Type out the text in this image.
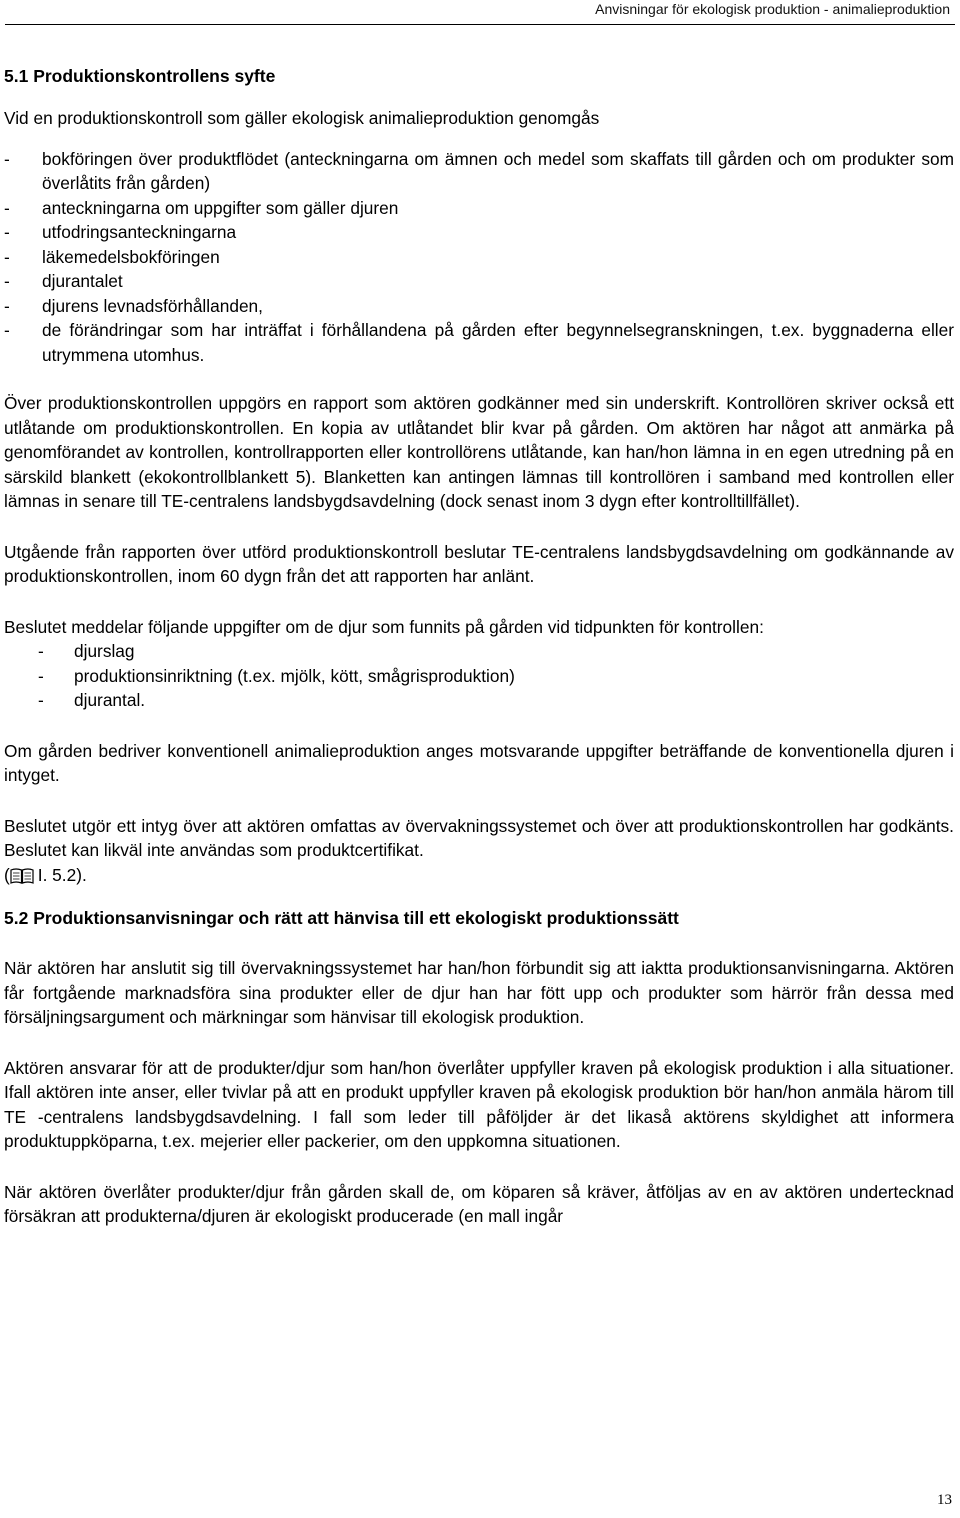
Anvisningar för ekologisk produktion - animalieproduktion
5.1 Produktionskontrollens syfte

Vid en produktionskontroll som gäller ekologisk animalieproduktion genomgås

-	bokföringen över produktflödet (anteckningarna om ämnen och medel som skaffats till gården och om produkter som överlåtits från gården)
-	anteckningarna om uppgifter som gäller djuren
-	utfodringsanteckningarna
-	läkemedelsbokföringen
-	djurantalet
-	djurens levnadsförhållanden,
-	de förändringar som har inträffat i förhållandena på gården efter begynnelsegranskningen, t.ex. byggnaderna eller utrymmena utomhus.

Över produktionskontrollen uppgörs en rapport som aktören godkänner med sin underskrift. Kontrollören skriver också ett utlåtande om produktionskontrollen. En kopia av utlåtandet blir kvar på gården. Om aktören har något att anmärka på genomförandet av kontrollen, kontrollrapporten eller kontrollörens utlåtande, kan han/hon lämna in en egen utredning på en särskild blankett (ekokontrollblankett 5). Blanketten kan antingen lämnas till kontrollören i samband med kontrollen eller lämnas in senare till TE-centralens landsbygdsavdelning (dock senast inom 3 dygn efter kontrolltillfället).

Utgående från rapporten över utförd produktionskontroll beslutar TE-centralens landsbygdsavdelning om godkännande av produktionskontrollen, inom 60 dygn från det att rapporten har anlänt.

Beslutet meddelar följande uppgifter om de djur som funnits på gården vid tidpunkten för kontrollen:

-	djurslag
-	produktionsinriktning (t.ex. mjölk, kött, smågrisproduktion)
-	djurantal.

Om gården bedriver konventionell animalieproduktion anges motsvarande uppgifter beträffande de konventionella djuren i intyget.

Beslutet utgör ett intyg över att aktören omfattas av övervakningssystemet och över att produktionskontrollen har godkänts. Beslutet kan likväl inte användas som produktcertifikat.

( I. 5.2).

5.2 Produktionsanvisningar och rätt att hänvisa till ett ekologiskt produktionssätt

När aktören har anslutit sig till övervakningssystemet har han/hon förbundit sig att iaktta produktionsanvisningarna. Aktören får fortgående marknadsföra sina produkter eller de djur han har fött upp och produkter som härrör från dessa med försäljningsargument och märkningar som hänvisar till ekologisk produktion.

Aktören ansvarar för att de produkter/djur som han/hon överlåter uppfyller kraven på ekologisk produktion i alla situationer. Ifall aktören inte anser, eller tvivlar på att en produkt uppfyller kraven på ekologisk produktion bör han/hon anmäla härom till TE -centralens landsbygdsavdelning. I fall som leder till påföljder är det likaså aktörens skyldighet att informera produktuppköparna, t.ex. mejerier eller packerier, om den uppkomna situationen.

När aktören överlåter produkter/djur från gården skall de, om köparen så kräver, åtföljas av en av aktören undertecknad försäkran att produkterna/djuren är ekologiskt producerade (en mall ingår

13
